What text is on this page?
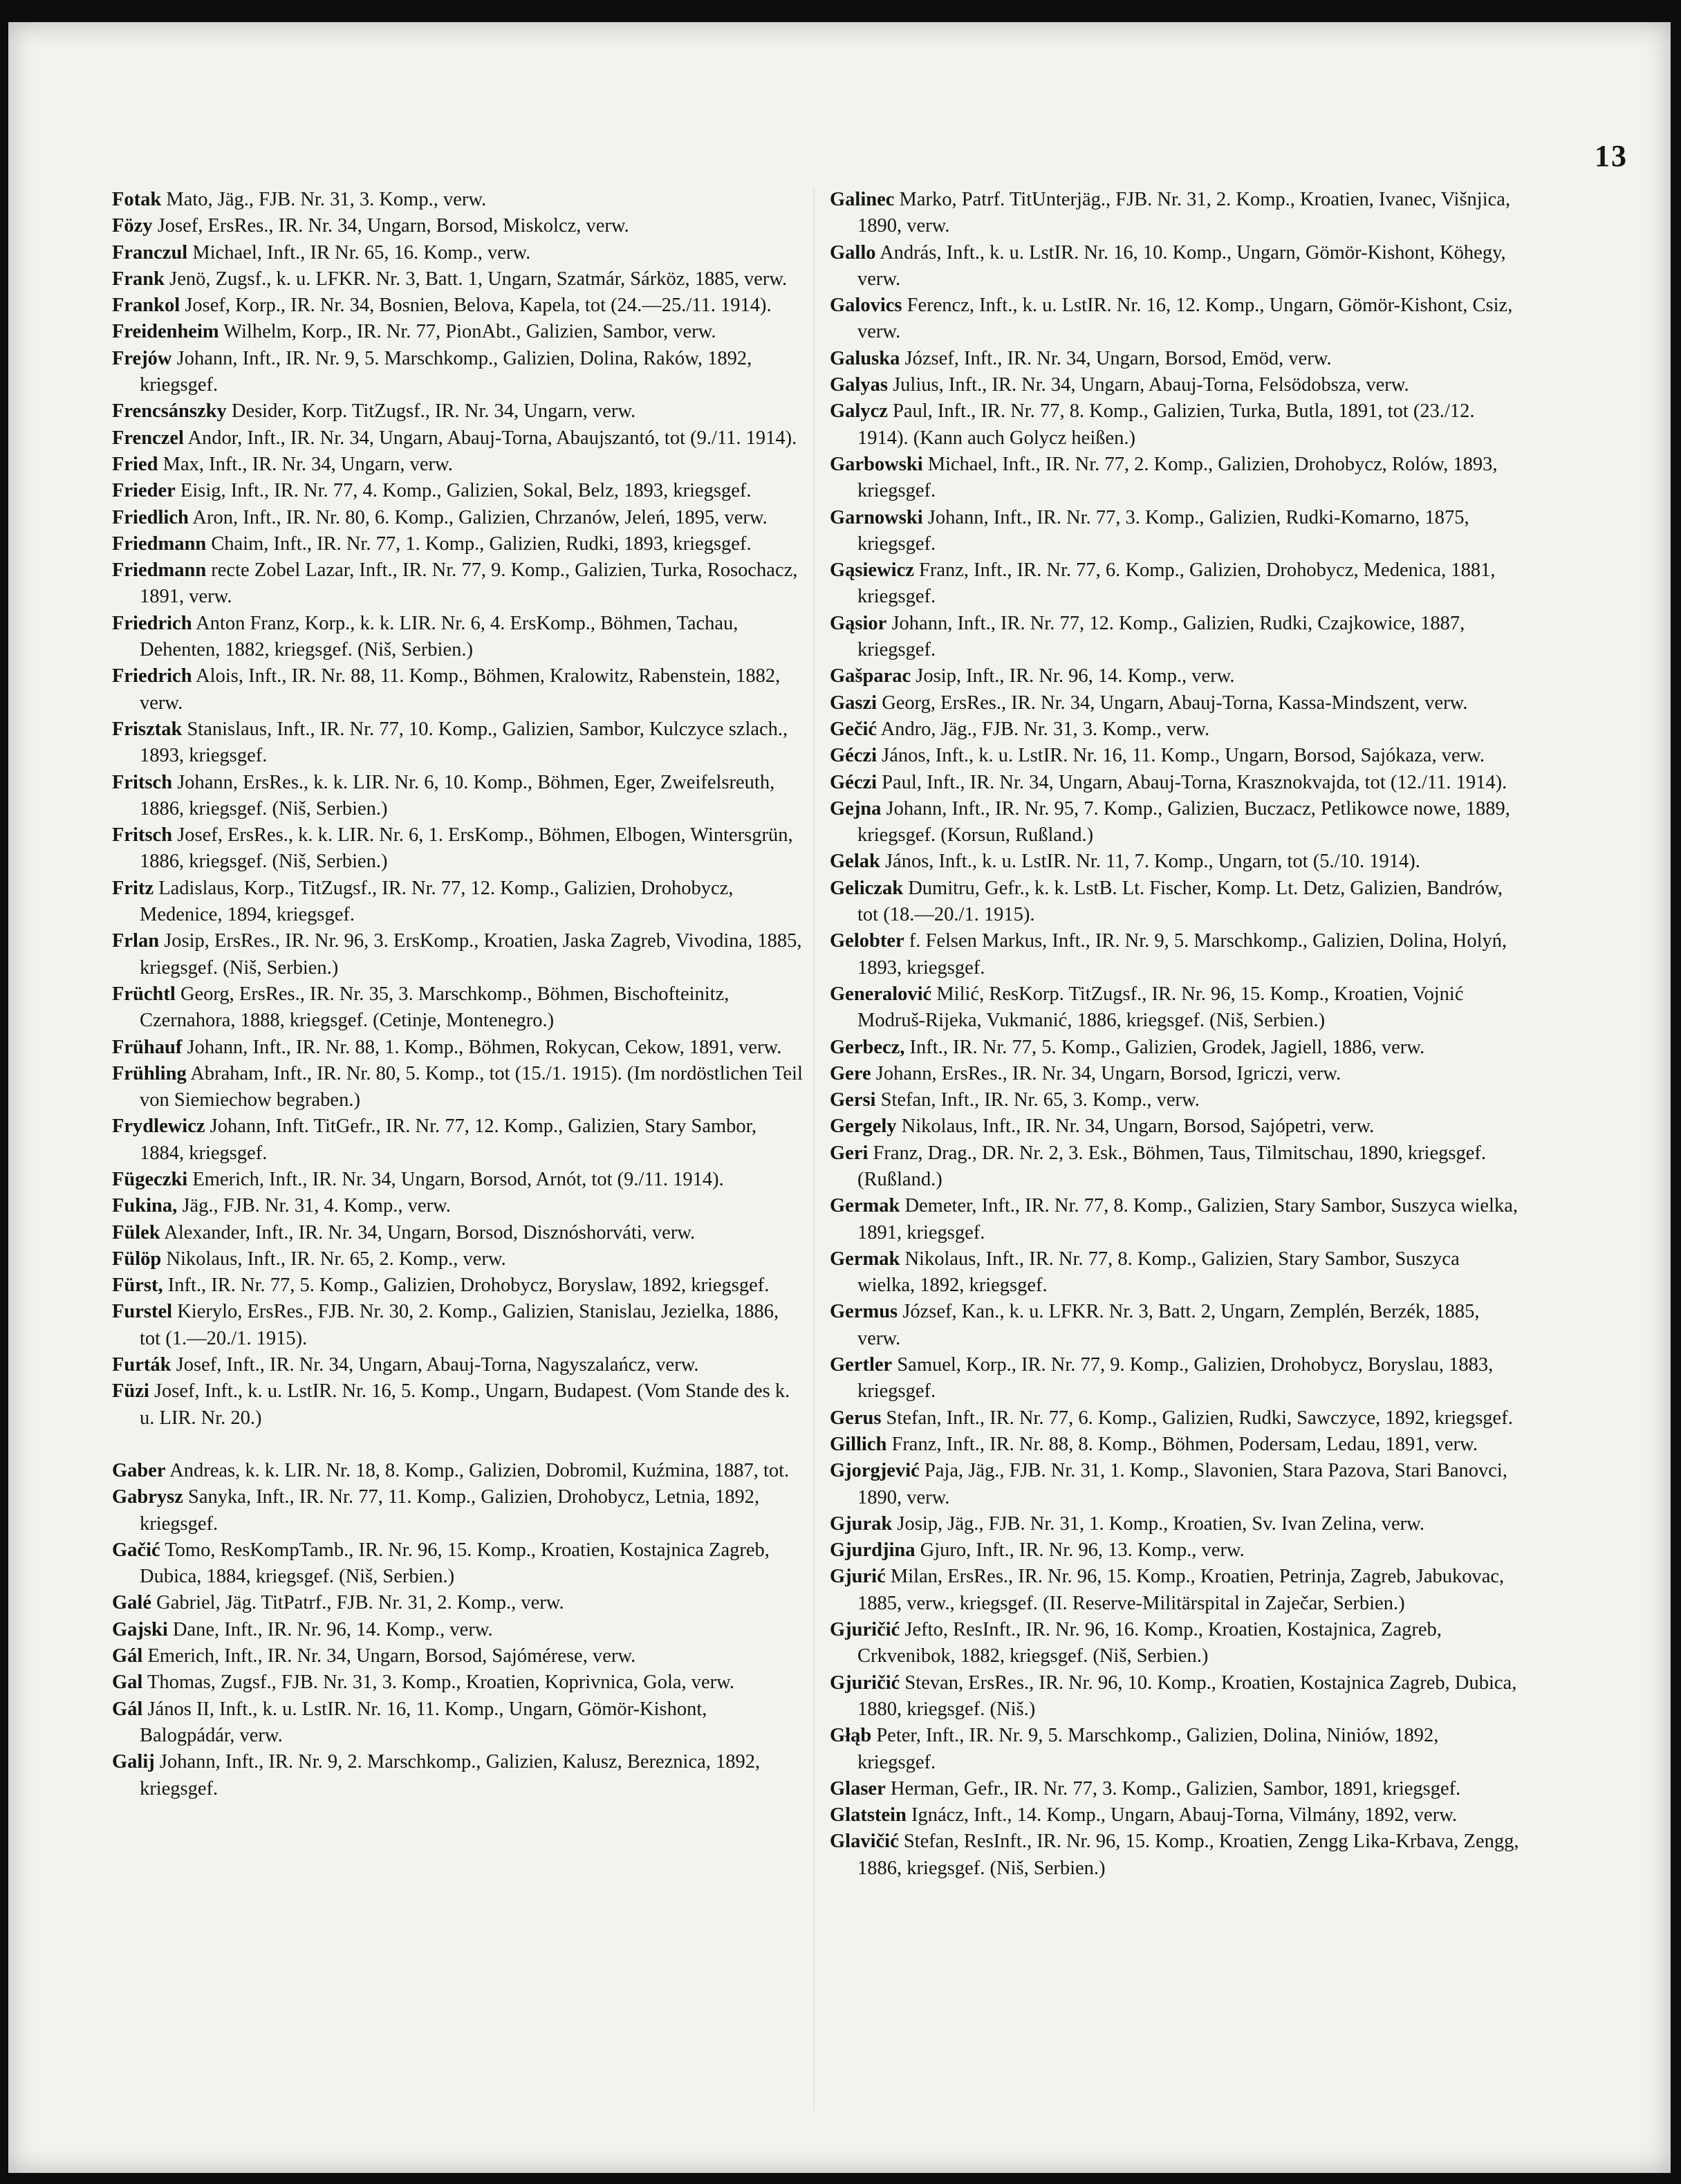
13

Fotak Mato, Jäg., FJB. Nr. 31, 3. Komp., verw.

Fözy Josef, ErsRes., IR. Nr. 34, Ungarn, Borsod, Miskolcz, verw.

Franczul Michael, Inft., IR Nr. 65, 16. Komp., verw.

Frank Jenö, Zugsf., k. u. LFKR. Nr. 3, Batt. 1, Ungarn, Szatmár, Sárköz, 1885, verw.

Frankol Josef, Korp., IR. Nr. 34, Bosnien, Belova, Kapela, tot (24.—25./11. 1914).

Freidenheim Wilhelm, Korp., IR. Nr. 77, PionAbt., Galizien, Sambor, verw.

Frejów Johann, Inft., IR. Nr. 9, 5. Marschkomp., Galizien, Dolina, Raków, 1892, kriegsgef.

Frencsánszky Desider, Korp. TitZugsf., IR. Nr. 34, Ungarn, verw.

Frenczel Andor, Inft., IR. Nr. 34, Ungarn, Abauj-Torna, Abaujszantó, tot (9./11. 1914).

Fried Max, Inft., IR. Nr. 34, Ungarn, verw.

Frieder Eisig, Inft., IR. Nr. 77, 4. Komp., Galizien, Sokal, Belz, 1893, kriegsgef.

Friedlich Aron, Inft., IR. Nr. 80, 6. Komp., Galizien, Chrzanów, Jeleń, 1895, verw.

Friedmann Chaim, Inft., IR. Nr. 77, 1. Komp., Galizien, Rudki, 1893, kriegsgef.

Friedmann recte Zobel Lazar, Inft., IR. Nr. 77, 9. Komp., Galizien, Turka, Rosochacz, 1891, verw.

Friedrich Anton Franz, Korp., k. k. LIR. Nr. 6, 4. ErsKomp., Böhmen, Tachau, Dehenten, 1882, kriegsgef. (Niš, Serbien.)

Friedrich Alois, Inft., IR. Nr. 88, 11. Komp., Böhmen, Kralowitz, Rabenstein, 1882, verw.

Frisztak Stanislaus, Inft., IR. Nr. 77, 10. Komp., Galizien, Sambor, Kulczyce szlach., 1893, kriegsgef.

Fritsch Johann, ErsRes., k. k. LIR. Nr. 6, 10. Komp., Böhmen, Eger, Zweifelsreuth, 1886, kriegsgef. (Niš, Serbien.)

Fritsch Josef, ErsRes., k. k. LIR. Nr. 6, 1. ErsKomp., Böhmen, Elbogen, Wintersgrün, 1886, kriegsgef. (Niš, Serbien.)

Fritz Ladislaus, Korp., TitZugsf., IR. Nr. 77, 12. Komp., Galizien, Drohobycz, Medenice, 1894, kriegsgef.

Frlan Josip, ErsRes., IR. Nr. 96, 3. ErsKomp., Kroatien, Jaska Zagreb, Vivodina, 1885, kriegsgef. (Niš, Serbien.)

Früchtl Georg, ErsRes., IR. Nr. 35, 3. Marschkomp., Böhmen, Bischofteinitz, Czernahora, 1888, kriegsgef. (Cetinje, Montenegro.)

Frühauf Johann, Inft., IR. Nr. 88, 1. Komp., Böhmen, Rokycan, Cekow, 1891, verw.

Frühling Abraham, Inft., IR. Nr. 80, 5. Komp., tot (15./1. 1915). (Im nordöstlichen Teil von Siemiechow begraben.)

Frydlewicz Johann, Inft. TitGefr., IR. Nr. 77, 12. Komp., Galizien, Stary Sambor, 1884, kriegsgef.

Fügeczki Emerich, Inft., IR. Nr. 34, Ungarn, Borsod, Arnót, tot (9./11. 1914).

Fukina, Jäg., FJB. Nr. 31, 4. Komp., verw.

Fülek Alexander, Inft., IR. Nr. 34, Ungarn, Borsod, Disznóshorváti, verw.

Fülöp Nikolaus, Inft., IR. Nr. 65, 2. Komp., verw.

Fürst, Inft., IR. Nr. 77, 5. Komp., Galizien, Drohobycz, Boryslaw, 1892, kriegsgef.

Furstel Kierylo, ErsRes., FJB. Nr. 30, 2. Komp., Galizien, Stanislau, Jezielka, 1886, tot (1.—20./1. 1915).

Furták Josef, Inft., IR. Nr. 34, Ungarn, Abauj-Torna, Nagyszalańcz, verw.

Füzi Josef, Inft., k. u. LstIR. Nr. 16, 5. Komp., Ungarn, Budapest. (Vom Stande des k. u. LIR. Nr. 20.)

Gaber Andreas, k. k. LIR. Nr. 18, 8. Komp., Galizien, Dobromil, Kuźmina, 1887, tot.

Gabrysz Sanyka, Inft., IR. Nr. 77, 11. Komp., Galizien, Drohobycz, Letnia, 1892, kriegsgef.

Gačić Tomo, ResKompTamb., IR. Nr. 96, 15. Komp., Kroatien, Kostajnica Zagreb, Dubica, 1884, kriegsgef. (Niš, Serbien.)

Galé Gabriel, Jäg. TitPatrf., FJB. Nr. 31, 2. Komp., verw.

Gajski Dane, Inft., IR. Nr. 96, 14. Komp., verw.

Gál Emerich, Inft., IR. Nr. 34, Ungarn, Borsod, Sajómérese, verw.

Gal Thomas, Zugsf., FJB. Nr. 31, 3. Komp., Kroatien, Koprivnica, Gola, verw.

Gál János II, Inft., k. u. LstIR. Nr. 16, 11. Komp., Ungarn, Gömör-Kishont, Balogpádár, verw.

Galij Johann, Inft., IR. Nr. 9, 2. Marschkomp., Galizien, Kalusz, Bereznica, 1892, kriegsgef.

Galinec Marko, Patrf. TitUnterjäg., FJB. Nr. 31, 2. Komp., Kroatien, Ivanec, Višnjica, 1890, verw.

Gallo András, Inft., k. u. LstIR. Nr. 16, 10. Komp., Ungarn, Gömör-Kishont, Köhegy, verw.

Galovics Ferencz, Inft., k. u. LstIR. Nr. 16, 12. Komp., Ungarn, Gömör-Kishont, Csiz, verw.

Galuska József, Inft., IR. Nr. 34, Ungarn, Borsod, Emöd, verw.

Galyas Julius, Inft., IR. Nr. 34, Ungarn, Abauj-Torna, Felsödobsza, verw.

Galycz Paul, Inft., IR. Nr. 77, 8. Komp., Galizien, Turka, Butla, 1891, tot (23./12. 1914). (Kann auch Golycz heißen.)

Garbowski Michael, Inft., IR. Nr. 77, 2. Komp., Galizien, Drohobycz, Rolów, 1893, kriegsgef.

Garnowski Johann, Inft., IR. Nr. 77, 3. Komp., Galizien, Rudki-Komarno, 1875, kriegsgef.

Gąsiewicz Franz, Inft., IR. Nr. 77, 6. Komp., Galizien, Drohobycz, Medenica, 1881, kriegsgef.

Gąsior Johann, Inft., IR. Nr. 77, 12. Komp., Galizien, Rudki, Czajkowice, 1887, kriegsgef.

Gašparac Josip, Inft., IR. Nr. 96, 14. Komp., verw.

Gaszi Georg, ErsRes., IR. Nr. 34, Ungarn, Abauj-Torna, Kassa-Mindszent, verw.

Gečić Andro, Jäg., FJB. Nr. 31, 3. Komp., verw.

Géczi János, Inft., k. u. LstIR. Nr. 16, 11. Komp., Ungarn, Borsod, Sajókaza, verw.

Géczi Paul, Inft., IR. Nr. 34, Ungarn, Abauj-Torna, Krasznokvajda, tot (12./11. 1914).

Gejna Johann, Inft., IR. Nr. 95, 7. Komp., Galizien, Buczacz, Petlikowce nowe, 1889, kriegsgef. (Korsun, Rußland.)

Gelak János, Inft., k. u. LstIR. Nr. 11, 7. Komp., Ungarn, tot (5./10. 1914).

Geliczak Dumitru, Gefr., k. k. LstB. Lt. Fischer, Komp. Lt. Detz, Galizien, Bandrów, tot (18.—20./1. 1915).

Gelobter f. Felsen Markus, Inft., IR. Nr. 9, 5. Marschkomp., Galizien, Dolina, Holyń, 1893, kriegsgef.

Generalović Milić, ResKorp. TitZugsf., IR. Nr. 96, 15. Komp., Kroatien, Vojnić Modruš-Rijeka, Vukmanić, 1886, kriegsgef. (Niš, Serbien.)

Gerbecz, Inft., IR. Nr. 77, 5. Komp., Galizien, Grodek, Jagiell, 1886, verw.

Gere Johann, ErsRes., IR. Nr. 34, Ungarn, Borsod, Igriczi, verw.

Gersi Stefan, Inft., IR. Nr. 65, 3. Komp., verw.

Gergely Nikolaus, Inft., IR. Nr. 34, Ungarn, Borsod, Sajópetri, verw.

Geri Franz, Drag., DR. Nr. 2, 3. Esk., Böhmen, Taus, Tilmitschau, 1890, kriegsgef. (Rußland.)

Germak Demeter, Inft., IR. Nr. 77, 8. Komp., Galizien, Stary Sambor, Suszyca wielka, 1891, kriegsgef.

Germak Nikolaus, Inft., IR. Nr. 77, 8. Komp., Galizien, Stary Sambor, Suszyca wielka, 1892, kriegsgef.

Germus József, Kan., k. u. LFKR. Nr. 3, Batt. 2, Ungarn, Zemplén, Berzék, 1885, verw.

Gertler Samuel, Korp., IR. Nr. 77, 9. Komp., Galizien, Drohobycz, Boryslau, 1883, kriegsgef.

Gerus Stefan, Inft., IR. Nr. 77, 6. Komp., Galizien, Rudki, Sawczyce, 1892, kriegsgef.

Gillich Franz, Inft., IR. Nr. 88, 8. Komp., Böhmen, Podersam, Ledau, 1891, verw.

Gjorgjević Paja, Jäg., FJB. Nr. 31, 1. Komp., Slavonien, Stara Pazova, Stari Banovci, 1890, verw.

Gjurak Josip, Jäg., FJB. Nr. 31, 1. Komp., Kroatien, Sv. Ivan Zelina, verw.

Gjurdjina Gjuro, Inft., IR. Nr. 96, 13. Komp., verw.

Gjurić Milan, ErsRes., IR. Nr. 96, 15. Komp., Kroatien, Petrinja, Zagreb, Jabukovac, 1885, verw., kriegsgef. (II. Reserve-Militärspital in Zaječar, Serbien.)

Gjuričić Jefto, ResInft., IR. Nr. 96, 16. Komp., Kroatien, Kostajnica, Zagreb, Crkvenibok, 1882, kriegsgef. (Niš, Serbien.)

Gjuričić Stevan, ErsRes., IR. Nr. 96, 10. Komp., Kroatien, Kostajnica Zagreb, Dubica, 1880, kriegsgef. (Niš.)

Głąb Peter, Inft., IR. Nr. 9, 5. Marschkomp., Galizien, Dolina, Niniów, 1892, kriegsgef.

Glaser Herman, Gefr., IR. Nr. 77, 3. Komp., Galizien, Sambor, 1891, kriegsgef.

Glatstein Ignácz, Inft., 14. Komp., Ungarn, Abauj-Torna, Vilmány, 1892, verw.

Glavičić Stefan, ResInft., IR. Nr. 96, 15. Komp., Kroatien, Zengg Lika-Krbava, Zengg, 1886, kriegsgef. (Niš, Serbien.)
